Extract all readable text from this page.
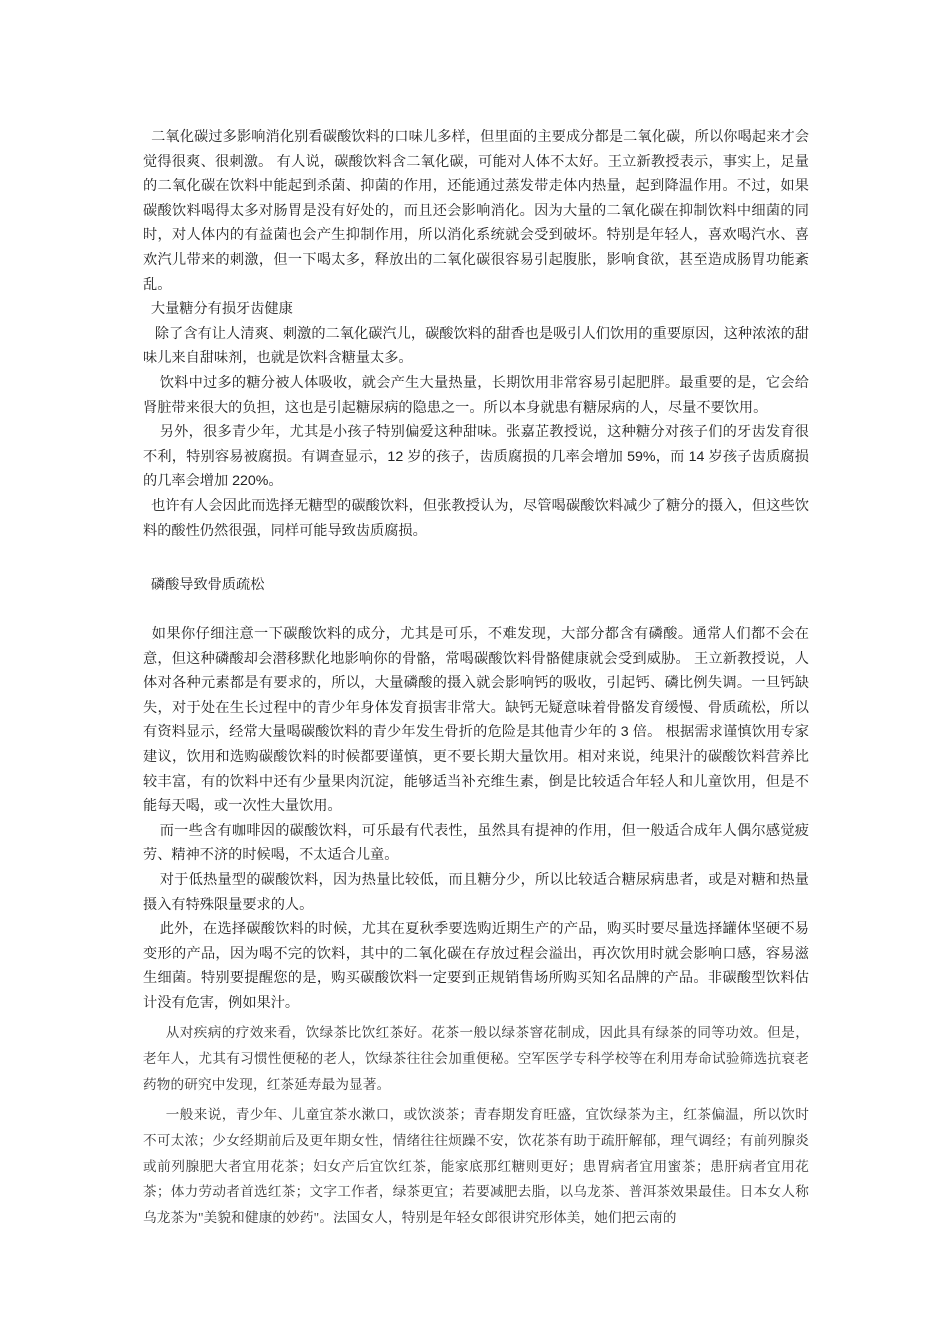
二氧化碳过多影响消化别看碳酸饮料的口味儿多样，但里面的主要成分都是二氧化碳，所以你喝起来才会觉得很爽、很刺激。 有人说，碳酸饮料含二氧化碳，可能对人体不太好。王立新教授表示，事实上，足量的二氧化碳在饮料中能起到杀菌、抑菌的作用，还能通过蒸发带走体内热量，起到降温作用。不过，如果碳酸饮料喝得太多对肠胃是没有好处的，而且还会影响消化。因为大量的二氧化碳在抑制饮料中细菌的同时，对人体内的有益菌也会产生抑制作用，所以消化系统就会受到破坏。特别是年轻人，喜欢喝汽水、喜欢汽儿带来的刺激，但一下喝太多，释放出的二氧化碳很容易引起腹胀，影响食欲，甚至造成肠胃功能紊乱。

大量糖分有损牙齿健康

除了含有让人清爽、刺激的二氧化碳汽儿，碳酸饮料的甜香也是吸引人们饮用的重要原因，这种浓浓的甜味儿来自甜味剂，也就是饮料含糖量太多。

饮料中过多的糖分被人体吸收，就会产生大量热量，长期饮用非常容易引起肥胖。最重要的是，它会给肾脏带来很大的负担，这也是引起糖尿病的隐患之一。所以本身就患有糖尿病的人，尽量不要饮用。

另外，很多青少年，尤其是小孩子特别偏爱这种甜味。张嘉芷教授说，这种糖分对孩子们的牙齿发育很不利，特别容易被腐损。有调查显示，12 岁的孩子，齿质腐损的几率会增加 59%，而 14 岁孩子齿质腐损的几率会增加 220%。

也许有人会因此而选择无糖型的碳酸饮料，但张教授认为，尽管喝碳酸饮料减少了糖分的摄入，但这些饮料的酸性仍然很强，同样可能导致齿质腐损。

磷酸导致骨质疏松

如果你仔细注意一下碳酸饮料的成分，尤其是可乐，不难发现，大部分都含有磷酸。通常人们都不会在意，但这种磷酸却会潜移默化地影响你的骨骼，常喝碳酸饮料骨骼健康就会受到威胁。 王立新教授说，人体对各种元素都是有要求的，所以，大量磷酸的摄入就会影响钙的吸收，引起钙、磷比例失调。一旦钙缺失，对于处在生长过程中的青少年身体发育损害非常大。缺钙无疑意味着骨骼发育缓慢、骨质疏松，所以有资料显示，经常大量喝碳酸饮料的青少年发生骨折的危险是其他青少年的 3 倍。 根据需求谨慎饮用专家建议，饮用和选购碳酸饮料的时候都要谨慎，更不要长期大量饮用。相对来说，纯果汁的碳酸饮料营养比较丰富，有的饮料中还有少量果肉沉淀，能够适当补充维生素，倒是比较适合年轻人和儿童饮用，但是不能每天喝，或一次性大量饮用。

而一些含有咖啡因的碳酸饮料，可乐最有代表性，虽然具有提神的作用，但一般适合成年人偶尔感觉疲劳、精神不济的时候喝，不太适合儿童。

对于低热量型的碳酸饮料，因为热量比较低，而且糖分少，所以比较适合糖尿病患者，或是对糖和热量摄入有特殊限量要求的人。

此外，在选择碳酸饮料的时候，尤其在夏秋季要选购近期生产的产品，购买时要尽量选择罐体坚硬不易变形的产品，因为喝不完的饮料，其中的二氧化碳在存放过程会溢出，再次饮用时就会影响口感，容易滋生细菌。特别要提醒您的是，购买碳酸饮料一定要到正规销售场所购买知名品牌的产品。非碳酸型饮料估计没有危害，例如果汁。

从对疾病的疗效来看，饮绿茶比饮红茶好。花茶一般以绿茶窨花制成，因此具有绿茶的同等功效。但是，老年人，尤其有习惯性便秘的老人，饮绿茶往往会加重便秘。空军医学专科学校等在利用寿命试验筛选抗衰老药物的研究中发现，红茶延寿最为显著。

一般来说，青少年、儿童宜茶水漱口，或饮淡茶；青春期发育旺盛，宜饮绿茶为主，红茶偏温，所以饮时不可太浓；少女经期前后及更年期女性，情绪往往烦躁不安，饮花茶有助于疏肝解郁，理气调经；有前列腺炎或前列腺肥大者宜用花茶；妇女产后宜饮红茶，能家底那红糖则更好；患胃病者宜用蜜茶；患肝病者宜用花茶；体力劳动者首选红茶；文字工作者，绿茶更宜；若要减肥去脂，以乌龙茶、普洱茶效果最佳。日本女人称乌龙茶为"美貌和健康的妙药"。法国女人，特别是年轻女郎很讲究形体美，她们把云南的
